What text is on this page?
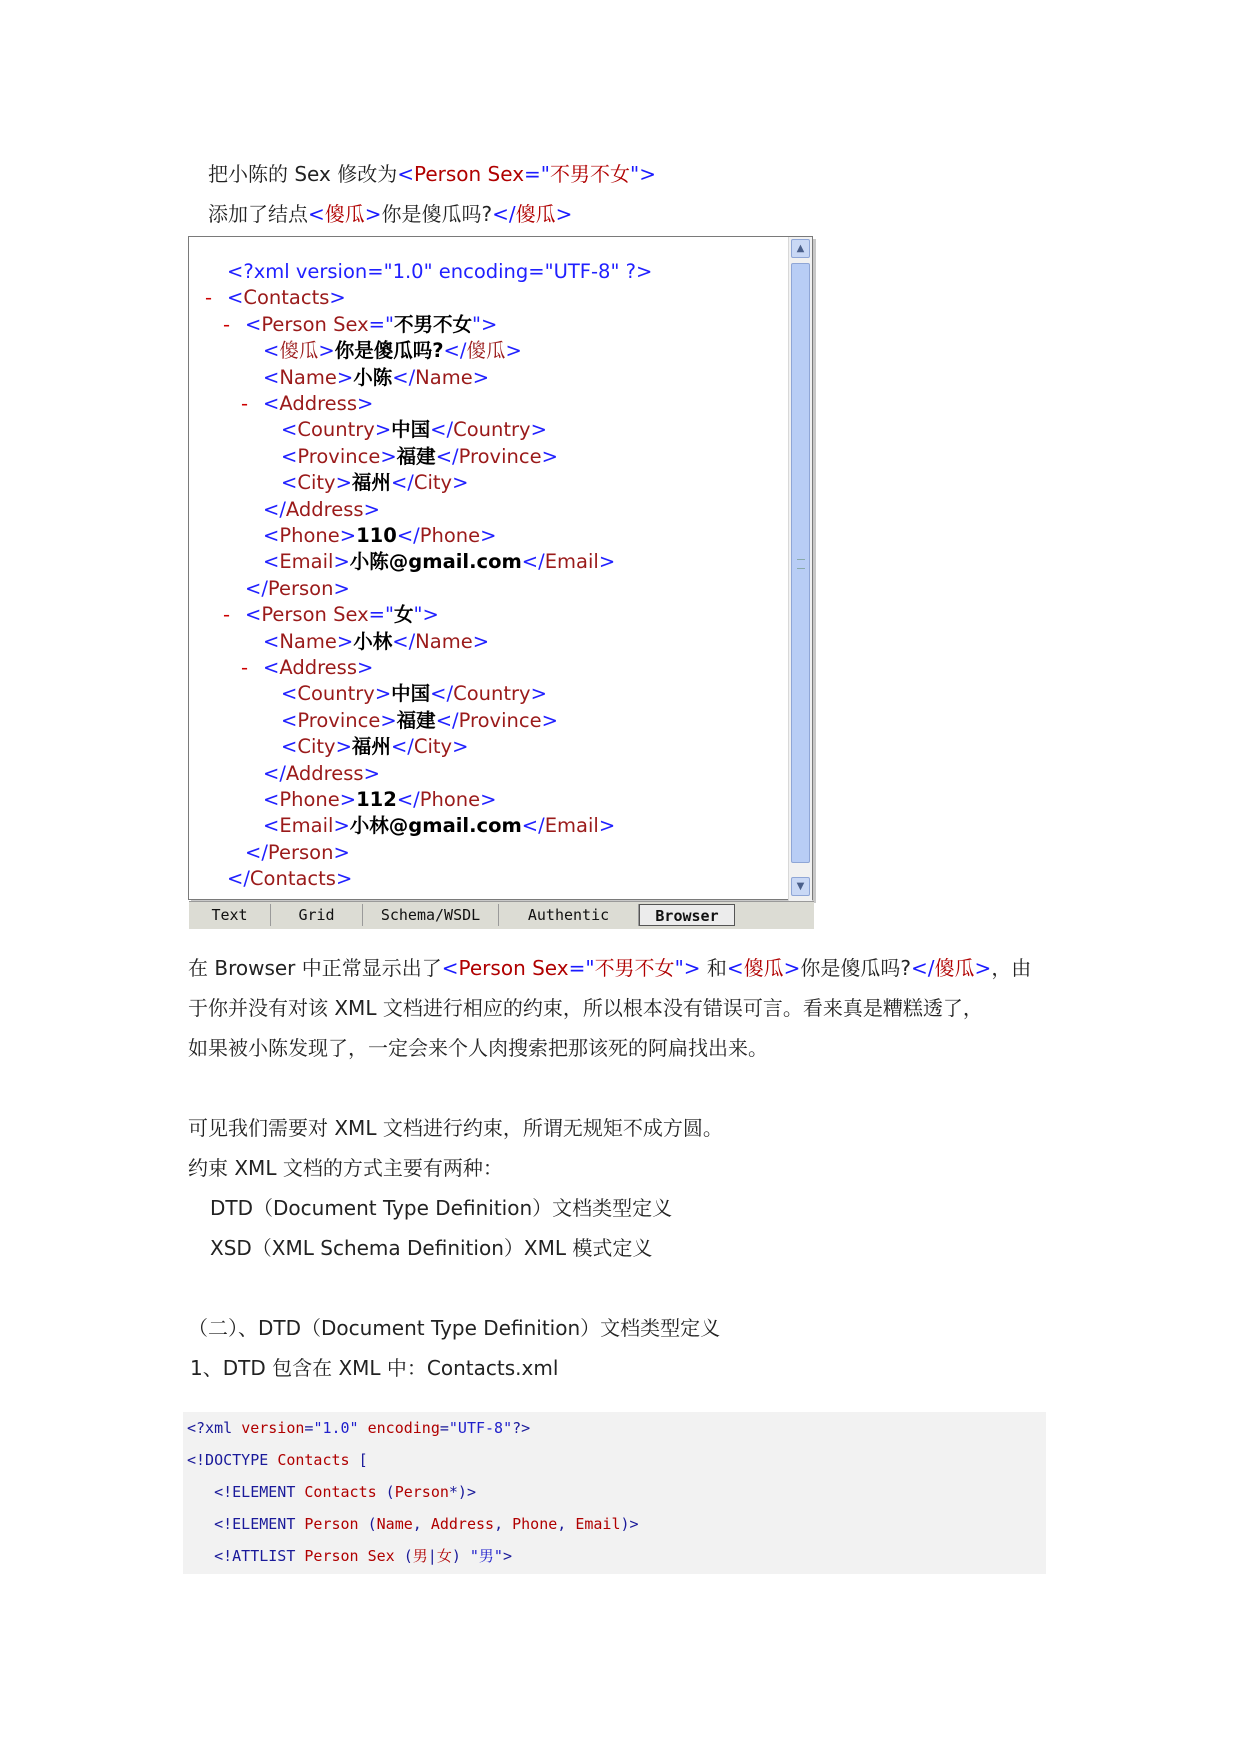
把小陈的 Sex 修改为<Person Sex="不男不女">
添加了结点<傻瓜>你是傻瓜吗?</傻瓜>
<?xml version="1.0" encoding="UTF-8" ?>
- <Contacts>
- <Person Sex="不男不女">
<傻瓜>你是傻瓜吗?</傻瓜>
<Name>小陈</Name>
- <Address>
<Country>中国</Country>
<Province>福建</Province>
<City>福州</City>
</Address>
<Phone>110</Phone>
<Email>小陈@gmail.com</Email>
</Person>
- <Person Sex="女">
<Name>小林</Name>
- <Address>
<Country>中国</Country>
<Province>福建</Province>
<City>福州</City>
</Address>
<Phone>112</Phone>
<Email>小林@gmail.com</Email>
</Person>
</Contacts>
▲
▼
Text	Grid	Schema/WSDL	Authentic	Browser
在 Browser 中正常显示出了<Person Sex="不男不女"> 和<傻瓜>你是傻瓜吗?</傻瓜>，由
于你并没有对该 XML 文档进行相应的约束，所以根本没有错误可言。看来真是糟糕透了，
如果被小陈发现了，一定会来个人肉搜索把那该死的阿扁找出来。
可见我们需要对 XML 文档进行约束，所谓无规矩不成方圆。
约束 XML 文档的方式主要有两种：
DTD（Document Type Definition）文档类型定义
XSD（XML Schema Definition）XML 模式定义
（二）、DTD（Document Type Definition）文档类型定义
1、DTD 包含在 XML 中：Contacts.xml
<?xml version="1.0" encoding="UTF-8"?>
<!DOCTYPE Contacts [
<!ELEMENT Contacts (Person*)>
<!ELEMENT Person (Name, Address, Phone, Email)>
<!ATTLIST Person Sex (男|女) "男">
